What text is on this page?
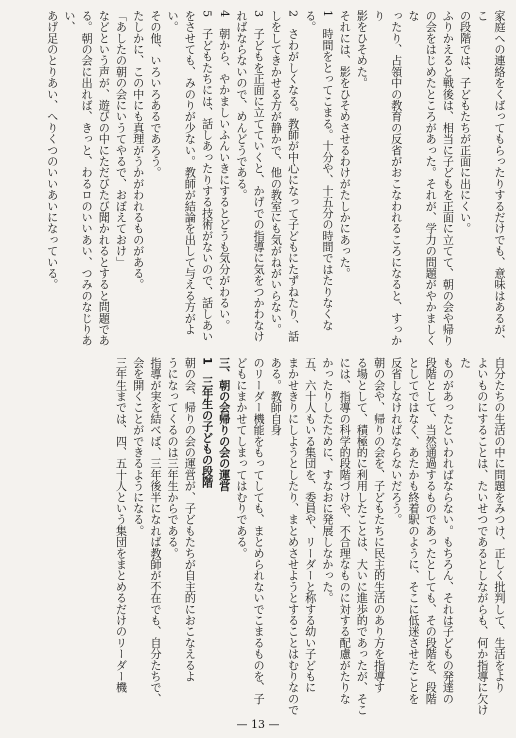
家庭への連絡をくばってもらったりするだけでも、意味はあるが、こ

の段階では、子どもたちが正面に出にくい。

ふりかえると戦後は、相当に子どもを正面に立てて、朝の会や帰り

の会をはじめたところがあった。それが、学力の問題がやかましくな

ったり、占領中の教育の反省がおこなわれるころになると、すっかり

影をひそめた。

それには、影をひそめさせるわけがたしかにあった。

1　時間をとってこまる。十分や、十五分の時間ではたりなくなる。

2　さわがしくなる。教師が中心になって子どもにたずねたり、話

しをしてきかせる方が静かで、他の教室にも気がねがいらない。

3　子どもを正面に立てていくと、かげでの指導に気をつかわなけ

ればならないので、めんどうである。

4　朝から、やかましいふんいきにするとどうも気分がわるい。

5　子どもたちには、話しあったりする技術がないので、話しあい

をさせても、みのりが少ない。教師が結論を出して与える方がよ

い。

その他、いろいろあるであろう。

たしかに、この中にも真理がうかがわれるものがある。

「あしたの朝の会にいうてやるで、おぼえておけ」

などという声が、遊びの中にただびたび聞かれるとすると問題であ

る。朝の会に出れば、きっと、わるロのいいあい、つみのなじりあい、

あげ足のとりあい、へりくつのいいあいになっている。

自分たちの生活の中に問題をみつけ、正しく批判して、生活をより

よいものにすることは、たいせつであるとしながらも、何か指導に欠けた

ものがあったといわればならない。もちろん、それは子どもの発達の

段階として、当然通過するものであったとしても、その段階を、段階

としてではなく、あたかも終着駅のように、そこに低迷させたことを

反省しなければならないだろう。

朝の会や、帰りの会を、子どもたちに民主的生活のあり方を指導す

る場として、積極的に利用したことは、大いに進歩的であったが、そこ

には、指導の科学的段階づけや、不合理なものに対する配慮がたりな

かったりしたために、すなおに発展しなかった。

五、六十人もいる集団を、委員や、リーダーと称する幼い子どもに

まかせきりにしようとしたり、まとめさせようとすることはむりなのである。教師自身

のリーダー機能をもってしても、まとめられないでこまるものを、子

どもにまかせてしまってはむりである。

三、朝の会帰りの会の運営

1　三年生の子どもの段階

朝の会、帰りの会の運営が、子どもたちが自主的におこなえるよ

うになってくるのは三年生からである。

指導が実を結べば、三年後半になれば教師が不在でも、自分たちで、

会を開くことができるようになる。

三年生までは、四、五十人という集団をまとめるだけのリーダー機

— 13 —
